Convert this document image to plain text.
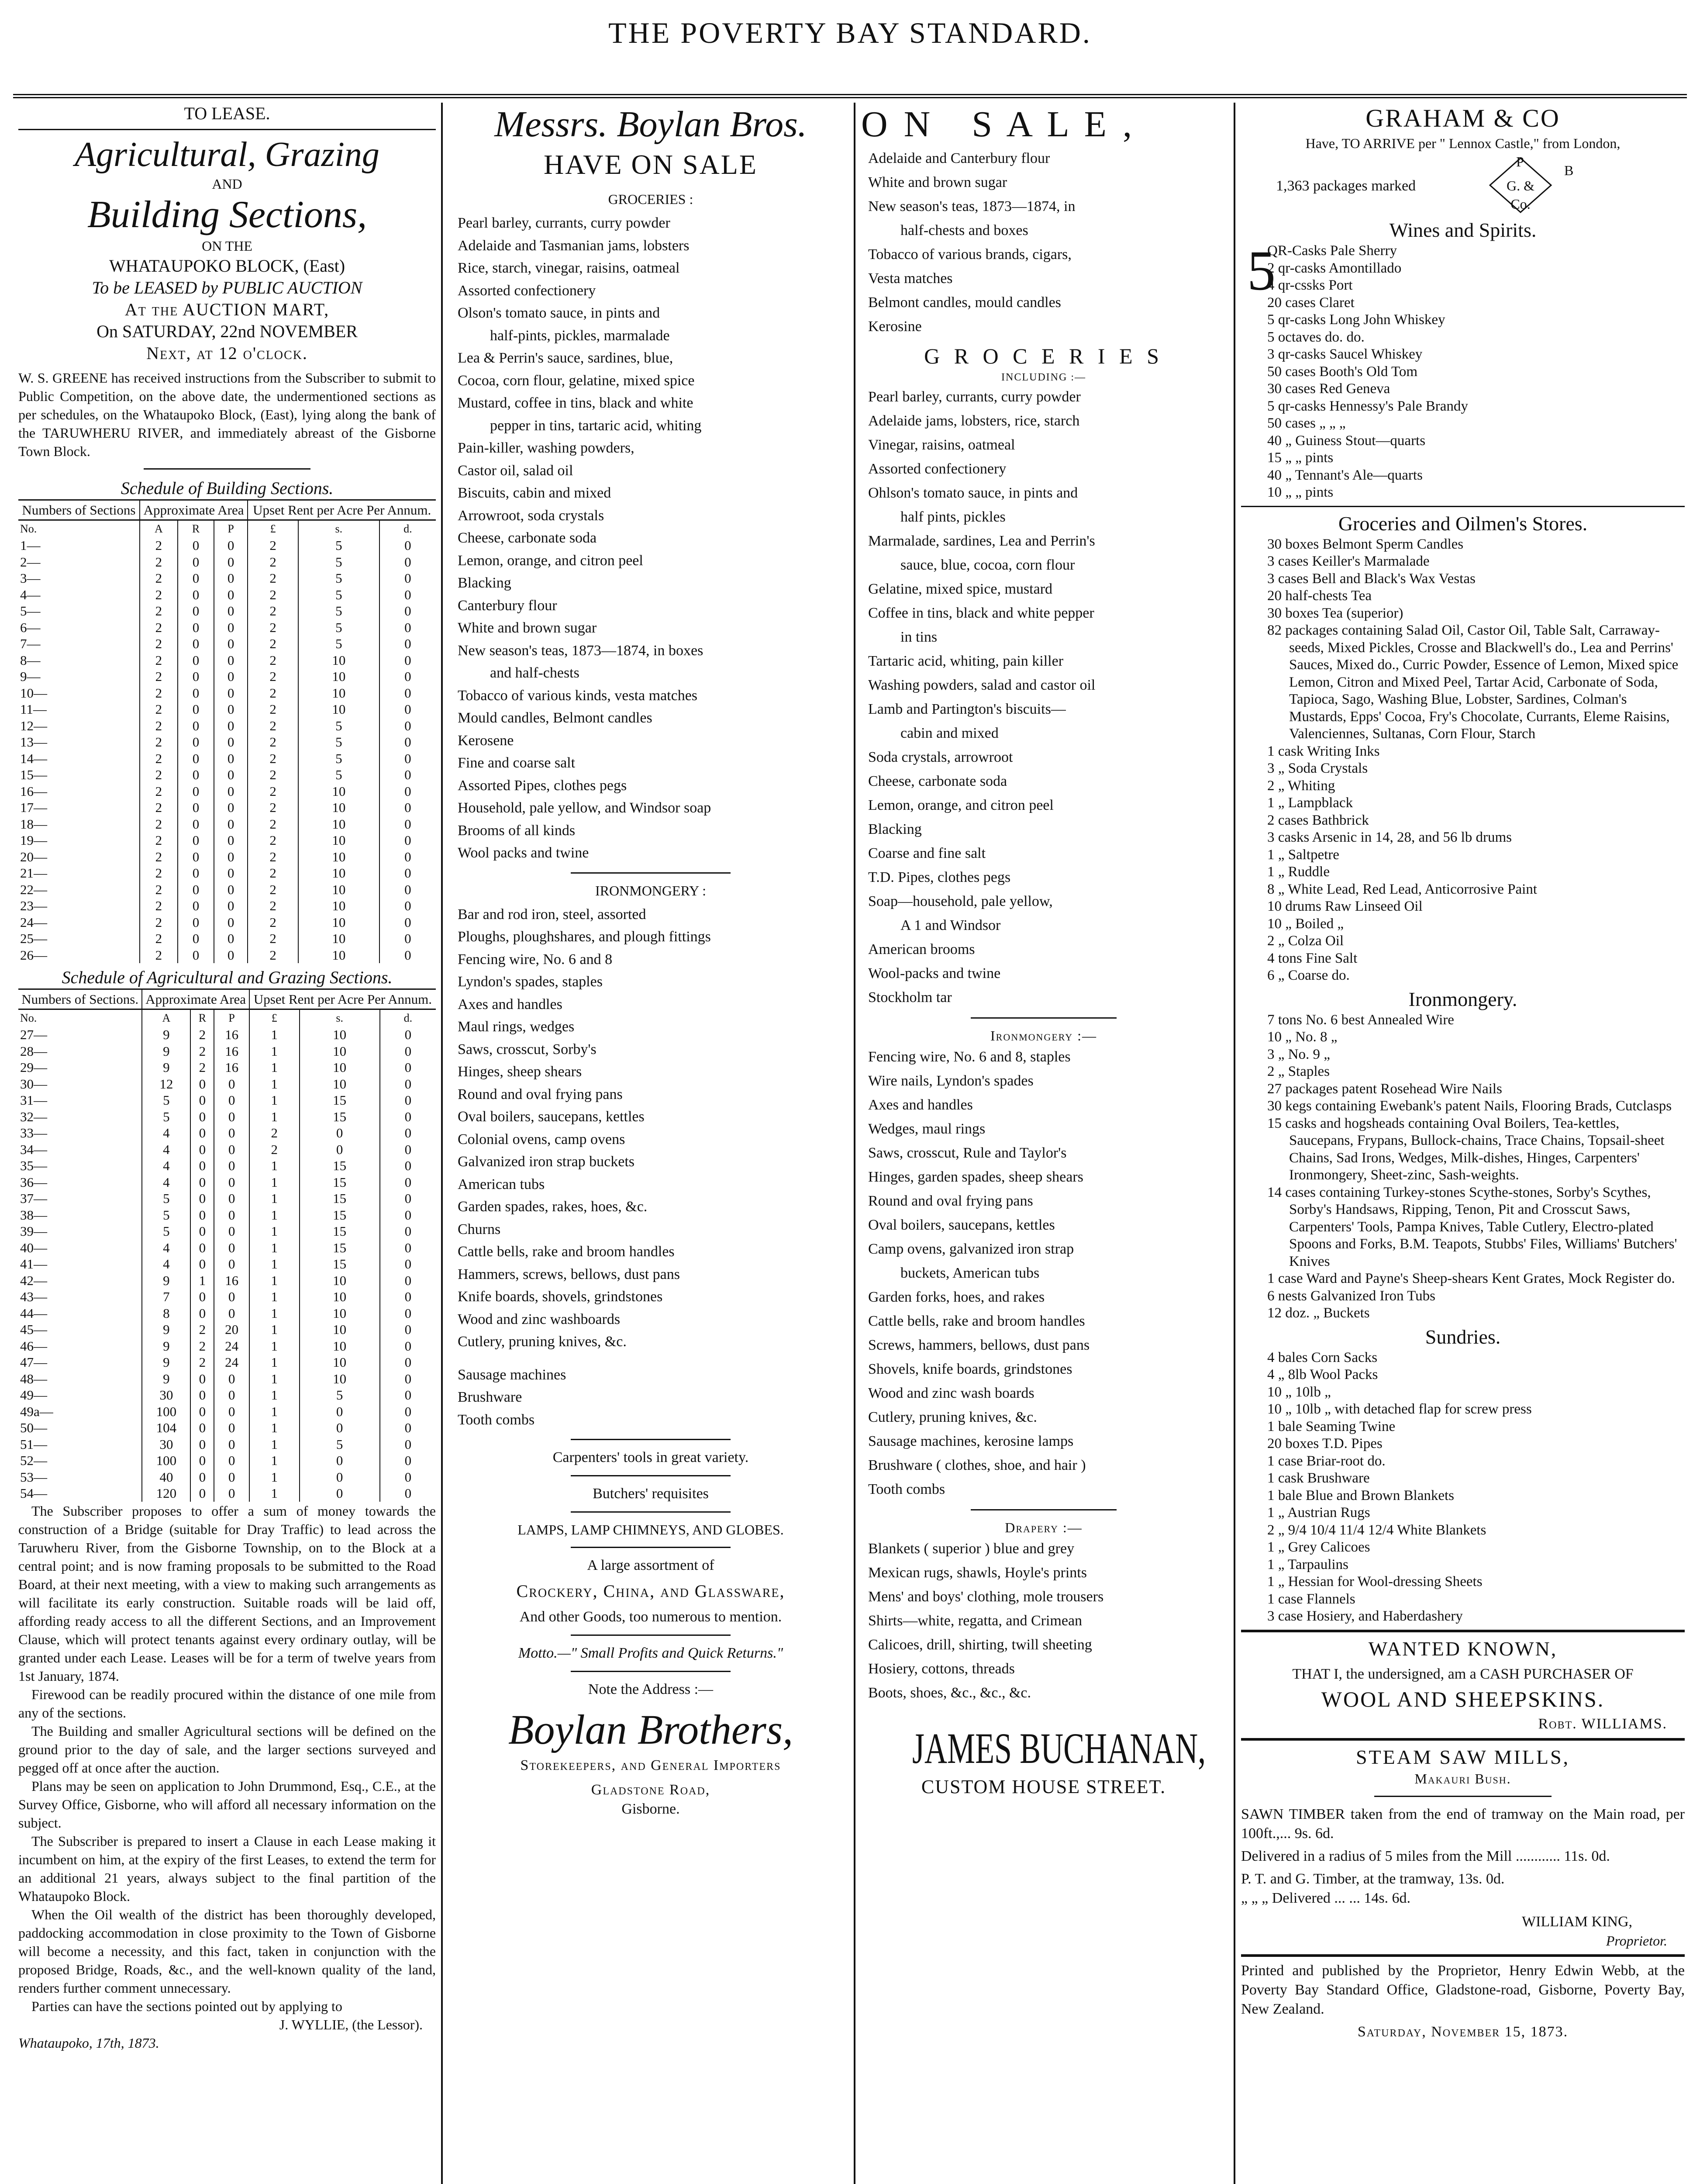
THE POVERTY BAY STANDARD.
TO LEASE.
Agricultural, Grazing
AND
Building Sections,
ON THE
WHATAUPOKO BLOCK, (East)
To be LEASED by PUBLIC AUCTION
At the AUCTION MART,
On SATURDAY, 22nd NOVEMBER
Next, at 12 o'clock.
W. S. GREENE has received instructions from the Subscriber to submit to Public Competition, on the above date, the undermentioned sections as per schedules, on the Whataupoko Block, (East), lying along the bank of the TARUWHERU RIVER, and immediately abreast of the Gisborne Town Block.
Schedule of Building Sections.
Numbers of Sections	Approximate Area			Upset Rent per Acre Per Annum.		
No.	A	R	P	£	s.	d.
1—	2	0	0	2	5	0
2—	2	0	0	2	5	0
3—	2	0	0	2	5	0
4—	2	0	0	2	5	0
5—	2	0	0	2	5	0
6—	2	0	0	2	5	0
7—	2	0	0	2	5	0
8—	2	0	0	2	10	0
9—	2	0	0	2	10	0
10—	2	0	0	2	10	0
11—	2	0	0	2	10	0
12—	2	0	0	2	5	0
13—	2	0	0	2	5	0
14—	2	0	0	2	5	0
15—	2	0	0	2	5	0
16—	2	0	0	2	10	0
17—	2	0	0	2	10	0
18—	2	0	0	2	10	0
19—	2	0	0	2	10	0
20—	2	0	0	2	10	0
21—	2	0	0	2	10	0
22—	2	0	0	2	10	0
23—	2	0	0	2	10	0
24—	2	0	0	2	10	0
25—	2	0	0	2	10	0
26—	2	0	0	2	10	0
Schedule of Agricultural and Grazing Sections.
Numbers of Sections.	Approximate Area			Upset Rent per Acre Per Annum.		
No.	A	R	P	£	s.	d.
27—	9	2	16	1	10	0
28—	9	2	16	1	10	0
29—	9	2	16	1	10	0
30—	12	0	0	1	10	0
31—	5	0	0	1	15	0
32—	5	0	0	1	15	0
33—	4	0	0	2	0	0
34—	4	0	0	2	0	0
35—	4	0	0	1	15	0
36—	4	0	0	1	15	0
37—	5	0	0	1	15	0
38—	5	0	0	1	15	0
39—	5	0	0	1	15	0
40—	4	0	0	1	15	0
41—	4	0	0	1	15	0
42—	9	1	16	1	10	0
43—	7	0	0	1	10	0
44—	8	0	0	1	10	0
45—	9	2	20	1	10	0
46—	9	2	24	1	10	0
47—	9	2	24	1	10	0
48—	9	0	0	1	10	0
49—	30	0	0	1	5	0
49a—	100	0	0	1	0	0
50—	104	0	0	1	0	0
51—	30	0	0	1	5	0
52—	100	0	0	1	0	0
53—	40	0	0	1	0	0
54—	120	0	0	1	0	0
The Subscriber proposes to offer a sum of money towards the construction of a Bridge (suitable for Dray Traffic) to lead across the Taruwheru River, from the Gisborne Township, on to the Block at a central point; and is now framing proposals to be submitted to the Road Board, at their next meeting, with a view to making such arrangements as will facilitate its early construction. Suitable roads will be laid off, affording ready access to all the different Sections, and an Improvement Clause, which will protect tenants against every ordinary outlay, will be granted under each Lease. Leases will be for a term of twelve years from 1st January, 1874.
Firewood can be readily procured within the distance of one mile from any of the sections.
The Building and smaller Agricultural sections will be defined on the ground prior to the day of sale, and the larger sections surveyed and pegged off at once after the auction.
Plans may be seen on application to John Drummond, Esq., C.E., at the Survey Office, Gisborne, who will afford all necessary information on the subject.
The Subscriber is prepared to insert a Clause in each Lease making it incumbent on him, at the expiry of the first Leases, to extend the term for an additional 21 years, always subject to the final partition of the Whataupoko Block.
When the Oil wealth of the district has been thoroughly developed, paddocking accommodation in close proximity to the Town of Gisborne will become a necessity, and this fact, taken in conjunction with the proposed Bridge, Roads, &c., and the well-known quality of the land, renders further comment unnecessary.
Parties can have the sections pointed out by applying to
J. WYLLIE, (the Lessor).
Whataupoko, 17th, 1873.
Messrs. Boylan Bros.
HAVE ON SALE
GROCERIES :
Pearl barley, currants, curry powder
Adelaide and Tasmanian jams, lobsters
Rice, starch, vinegar, raisins, oatmeal
Assorted confectionery
Olson's tomato sauce, in pints and
half-pints, pickles, marmalade
Lea & Perrin's sauce, sardines, blue,
Cocoa, corn flour, gelatine, mixed spice
Mustard, coffee in tins, black and white
pepper in tins, tartaric acid, whiting
Pain-killer, washing powders,
Castor oil, salad oil
Biscuits, cabin and mixed
Arrowroot, soda crystals
Cheese, carbonate soda
Lemon, orange, and citron peel
Blacking
Canterbury flour
White and brown sugar
New season's teas, 1873—1874, in boxes
and half-chests
Tobacco of various kinds, vesta matches
Mould candles, Belmont candles
Kerosene
Fine and coarse salt
Assorted Pipes, clothes pegs
Household, pale yellow, and Windsor soap
Brooms of all kinds
Wool packs and twine
IRONMONGERY :
Bar and rod iron, steel, assorted
Ploughs, ploughshares, and plough fittings
Fencing wire, No. 6 and 8
Lyndon's spades, staples
Axes and handles
Maul rings, wedges
Saws, crosscut, Sorby's
Hinges, sheep shears
Round and oval frying pans
Oval boilers, saucepans, kettles
Colonial ovens, camp ovens
Galvanized iron strap buckets
American tubs
Garden spades, rakes, hoes, &c.
Churns
Cattle bells, rake and broom handles
Hammers, screws, bellows, dust pans
Knife boards, shovels, grindstones
Wood and zinc washboards
Cutlery, pruning knives, &c.
Sausage machines
Brushware
Tooth combs
Carpenters' tools in great variety.
Butchers' requisites
LAMPS, LAMP CHIMNEYS, AND GLOBES.
A large assortment of
Crockery, China, and Glassware,
And other Goods, too numerous to mention.
Motto.—" Small Profits and Quick Returns."
Note the Address :—
Boylan Brothers,
Storekeepers, and General Importers
Gladstone Road,
Gisborne.
O N   S A L E ,
Adelaide and Canterbury flour
White and brown sugar
New season's teas, 1873—1874, in
half-chests and boxes
Tobacco of various brands, cigars,
Vesta matches
Belmont candles, mould candles
Kerosine
G R O C E R I E S
INCLUDING :—
Pearl barley, currants, curry powder
Adelaide jams, lobsters, rice, starch
Vinegar, raisins, oatmeal
Assorted confectionery
Ohlson's tomato sauce, in pints and
half pints, pickles
Marmalade, sardines, Lea and Perrin's
sauce, blue, cocoa, corn flour
Gelatine, mixed spice, mustard
Coffee in tins, black and white pepper
in tins
Tartaric acid, whiting, pain killer
Washing powders, salad and castor oil
Lamb and Partington's biscuits—
cabin and mixed
Soda crystals, arrowroot
Cheese, carbonate soda
Lemon, orange, and citron peel
Blacking
Coarse and fine salt
T.D. Pipes, clothes pegs
Soap—household, pale yellow,
A 1 and Windsor
American brooms
Wool-packs and twine
Stockholm tar
Ironmongery :—
Fencing wire, No. 6 and 8, staples
Wire nails, Lyndon's spades
Axes and handles
Wedges, maul rings
Saws, crosscut, Rule and Taylor's
Hinges, garden spades, sheep shears
Round and oval frying pans
Oval boilers, saucepans, kettles
Camp ovens, galvanized iron strap
buckets, American tubs
Garden forks, hoes, and rakes
Cattle bells, rake and broom handles
Screws, hammers, bellows, dust pans
Shovels, knife boards, grindstones
Wood and zinc wash boards
Cutlery, pruning knives, &c.
Sausage machines, kerosine lamps
Brushware ( clothes, shoe, and hair )
Tooth combs
Drapery :—
Blankets ( superior ) blue and grey
Mexican rugs, shawls, Hoyle's prints
Mens' and boys' clothing, mole trousers
Shirts—white, regatta, and Crimean
Calicoes, drill, shirting, twill sheeting
Hosiery, cottons, threads
Boots, shoes, &c., &c., &c.
JAMES BUCHANAN,
CUSTOM HOUSE STREET.
GRAHAM & CO
Have, TO ARRIVE per " Lennox Castle," from London,
1,363 packages marked
P
B
G. & Co.
Wines and Spirits.
5
QR-Casks Pale Sherry
2 qr-casks Amontillado
4 qr-cssks Port
20 cases Claret
5 qr-casks Long John Whiskey
5 octaves do. do.
3 qr-casks Saucel Whiskey
50 cases Booth's Old Tom
30 cases Red Geneva
5 qr-casks Hennessy's Pale Brandy
50 cases „ „ „
40 „ Guiness Stout—quarts
15 „ „ pints
40 „ Tennant's Ale—quarts
10 „ „ pints
Groceries and Oilmen's Stores.
30 boxes Belmont Sperm Candles
3 cases Keiller's Marmalade
3 cases Bell and Black's Wax Vestas
20 half-chests Tea
30 boxes Tea (superior)
82 packages containing Salad Oil, Castor Oil, Table Salt, Carraway-seeds, Mixed Pickles, Crosse and Blackwell's do., Lea and Perrins' Sauces, Mixed do., Curric Powder, Essence of Lemon, Mixed spice Lemon, Citron and Mixed Peel, Tartar Acid, Carbonate of Soda, Tapioca, Sago, Washing Blue, Lobster, Sardines, Colman's Mustards, Epps' Cocoa, Fry's Chocolate, Currants, Eleme Raisins, Valenciennes, Sultanas, Corn Flour, Starch
1 cask Writing Inks
3 „ Soda Crystals
2 „ Whiting
1 „ Lampblack
2 cases Bathbrick
3 casks Arsenic in 14, 28, and 56 lb drums
1 „ Saltpetre
1 „ Ruddle
8 „ White Lead, Red Lead, Anticorrosive Paint
10 drums Raw Linseed Oil
10 „ Boiled „
2 „ Colza Oil
4 tons Fine Salt
6 „ Coarse do.
Ironmongery.
7 tons No. 6 best Annealed Wire
10 „ No. 8 „
3 „ No. 9 „
2 „ Staples
27 packages patent Rosehead Wire Nails
30 kegs containing Ewebank's patent Nails, Flooring Brads, Cutclasps
15 casks and hogsheads containing Oval Boilers, Tea-kettles, Saucepans, Frypans, Bullock-chains, Trace Chains, Topsail-sheet Chains, Sad Irons, Wedges, Milk-dishes, Hinges, Carpenters' Ironmongery, Sheet-zinc, Sash-weights.
14 cases containing Turkey-stones Scythe-stones, Sorby's Scythes, Sorby's Handsaws, Ripping, Tenon, Pit and Crosscut Saws, Carpenters' Tools, Pampa Knives, Table Cutlery, Electro-plated Spoons and Forks, B.M. Teapots, Stubbs' Files, Williams' Butchers' Knives
1 case Ward and Payne's Sheep-shears Kent Grates, Mock Register do.
6 nests Galvanized Iron Tubs
12 doz. „ Buckets
Sundries.
4 bales Corn Sacks
4 „ 8lb Wool Packs
10 „ 10lb „
10 „ 10lb „ with detached flap for screw press
1 bale Seaming Twine
20 boxes T.D. Pipes
1 case Briar-root do.
1 cask Brushware
1 bale Blue and Brown Blankets
1 „ Austrian Rugs
2 „ 9/4 10/4 11/4 12/4 White Blankets
1 „ Grey Calicoes
1 „ Tarpaulins
1 „ Hessian for Wool-dressing Sheets
1 case Flannels
3 case Hosiery, and Haberdashery
WANTED KNOWN,
THAT I, the undersigned, am a CASH PURCHASER OF
WOOL AND SHEEPSKINS.
Robt. WILLIAMS.
STEAM SAW MILLS,
Makauri Bush.
SAWN TIMBER taken from the end of tramway on the Main road, per 100ft.,... 9s. 6d.
Delivered in a radius of 5 miles from the Mill ............ 11s. 0d.
P. T. and G. Timber, at the tramway, 13s. 0d.
„ „ „ Delivered ... ... 14s. 6d.
WILLIAM KING,
Proprietor.
Printed and published by the Proprietor, Henry Edwin Webb, at the Poverty Bay Standard Office, Gladstone-road, Gisborne, Poverty Bay, New Zealand.
Saturday, November 15, 1873.
